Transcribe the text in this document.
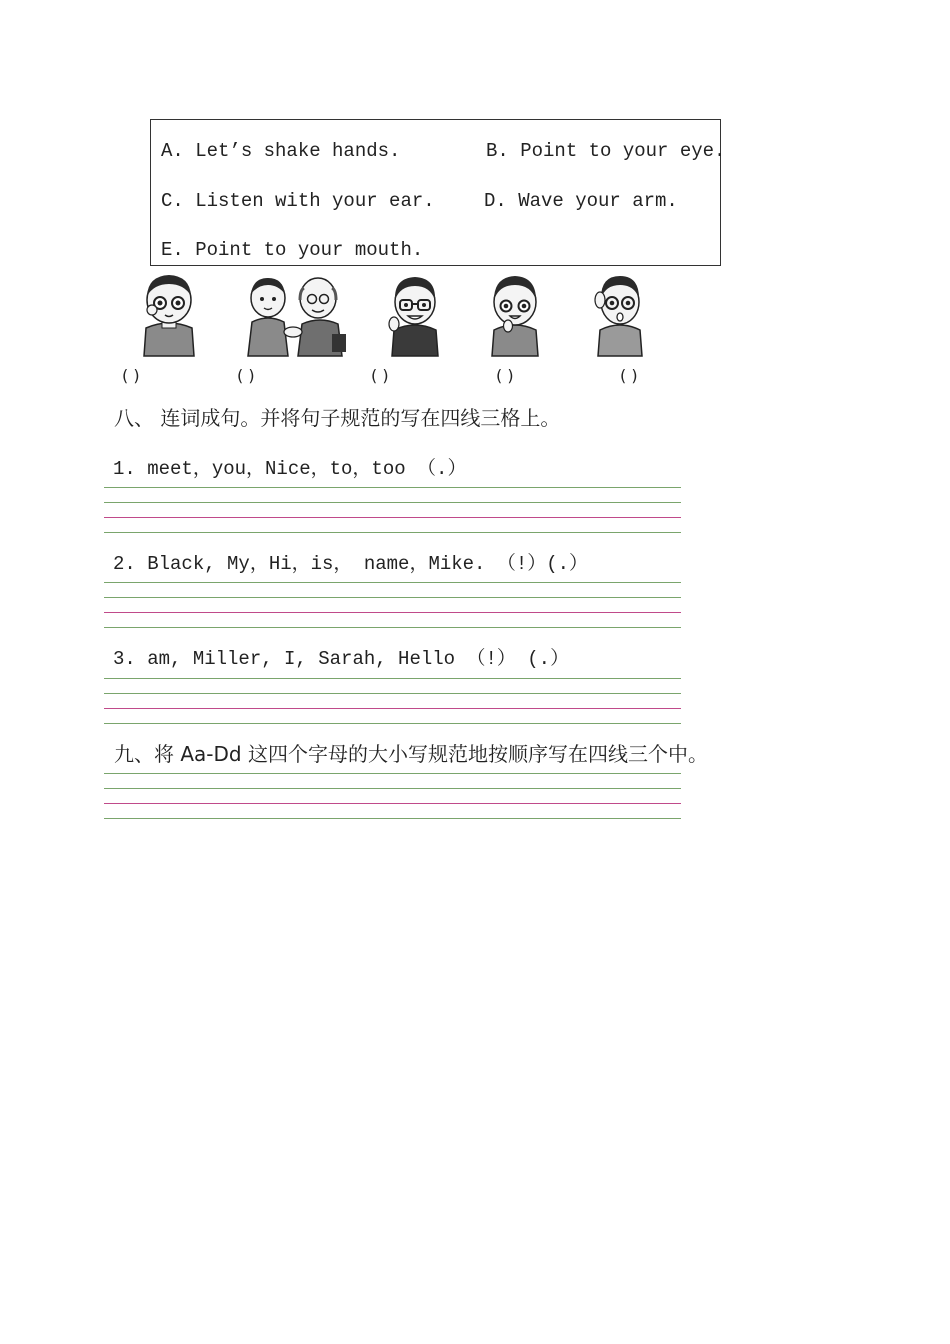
A. Let’s shake hands.	B. Point to your eye.
C. Listen with your ear.	D. Wave your arm.
E. Point to your mouth.
( )	( )	( )	( )	( )
八、 连词成句。并将句子规范的写在四线三格上。
1. meet，you，Nice，to，too （.）
2. Black, My，Hi，is， name，Mike. （!）(.）
3. am, Miller, I, Sarah, Hello （!） (.）
九、将 Aa-Dd 这四个字母的大小写规范地按顺序写在四线三个中。
